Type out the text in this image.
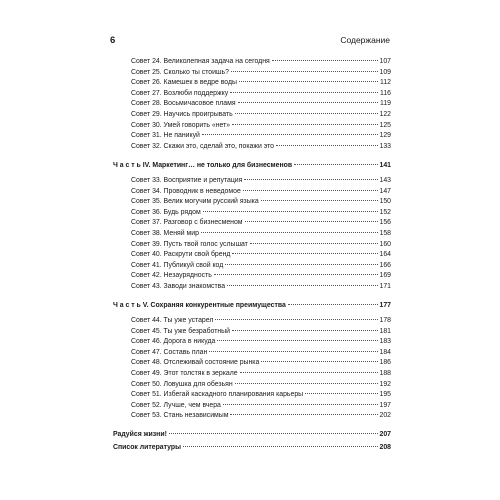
6	Содержание
Совет 24. Великолепная задача на сегодня	107
Совет 25. Сколько ты стоишь?	109
Совет 26. Камешек в ведре воды	112
Совет 27. Возлюби поддержку	116
Совет 28. Восьмичасовое пламя	119
Совет 29. Научись проигрывать	122
Совет 30. Умей говорить «нет»	125
Совет 31. Не паникуй	129
Совет 32. Скажи это, сделай это, покажи это	133
Ч а с т ь IV. Маркетинг… не только для бизнесменов	141
Совет 33. Восприятие и репутация	143
Совет 34. Проводник в неведомое	147
Совет 35. Велик могучим русский языка	150
Совет 36. Будь рядом	152
Совет 37. Разговор с бизнесменом	156
Совет 38. Меняй мир	158
Совет 39. Пусть твой голос услышат	160
Совет 40. Раскрути свой бренд	164
Совет 41. Публикуй свой код	166
Совет 42. Незаурядность	169
Совет 43. Заводи знакомства	171
Ч а с т ь V. Сохраняя конкурентные преимущества	177
Совет 44. Ты уже устарел	178
Совет 45. Ты уже безработный	181
Совет 46. Дорога в никуда	183
Совет 47. Составь план	184
Совет 48. Отслеживай состояние рынка	186
Совет 49. Этот толстяк в зеркале	188
Совет 50. Ловушка для обезьян	192
Совет 51. Избегай каскадного планирования карьеры	195
Совет 52. Лучше, чем вчера	197
Совет 53. Стань независимым	202
Радуйся жизни!	207
Список литературы	208
